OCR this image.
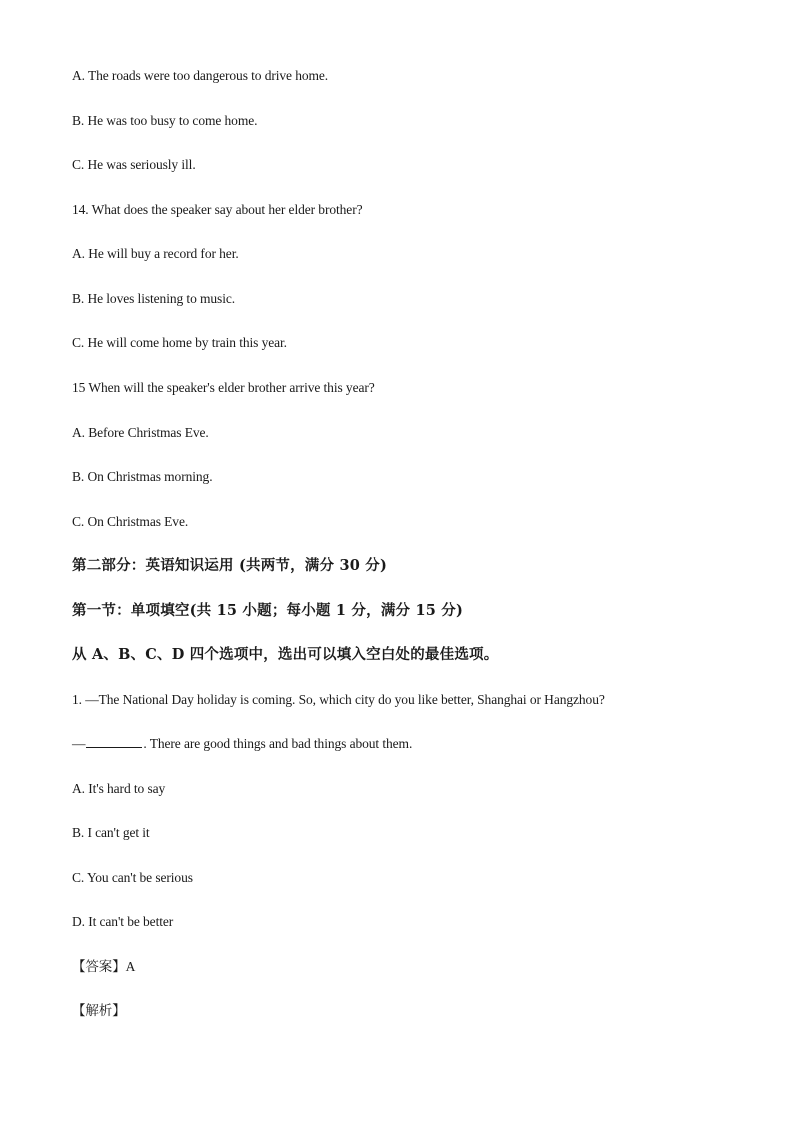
A. The roads were too dangerous to drive home.
B. He was too busy to come home.
C. He was seriously ill.
14. What does the speaker say about her elder brother?
A. He will buy a record for her.
B. He loves listening to music.
C. He will come home by train this year.
15 When will the speaker's elder brother arrive this year?
A. Before Christmas Eve.
B. On Christmas morning.
C. On Christmas Eve.
第二部分：英语知识运用 (共两节，满分 30 分)
第一节：单项填空(共 15 小题；每小题 1 分，满分 15 分)
从 A、B、C、D 四个选项中，选出可以填入空白处的最佳选项。
1. —The National Day holiday is coming. So, which city do you like better, Shanghai or Hangzhou?
—	. There are good things and bad things about them.
A. It's hard to say
B. I can't get it
C. You can't be serious
D. It can't be better
【答案】A
【解析】
